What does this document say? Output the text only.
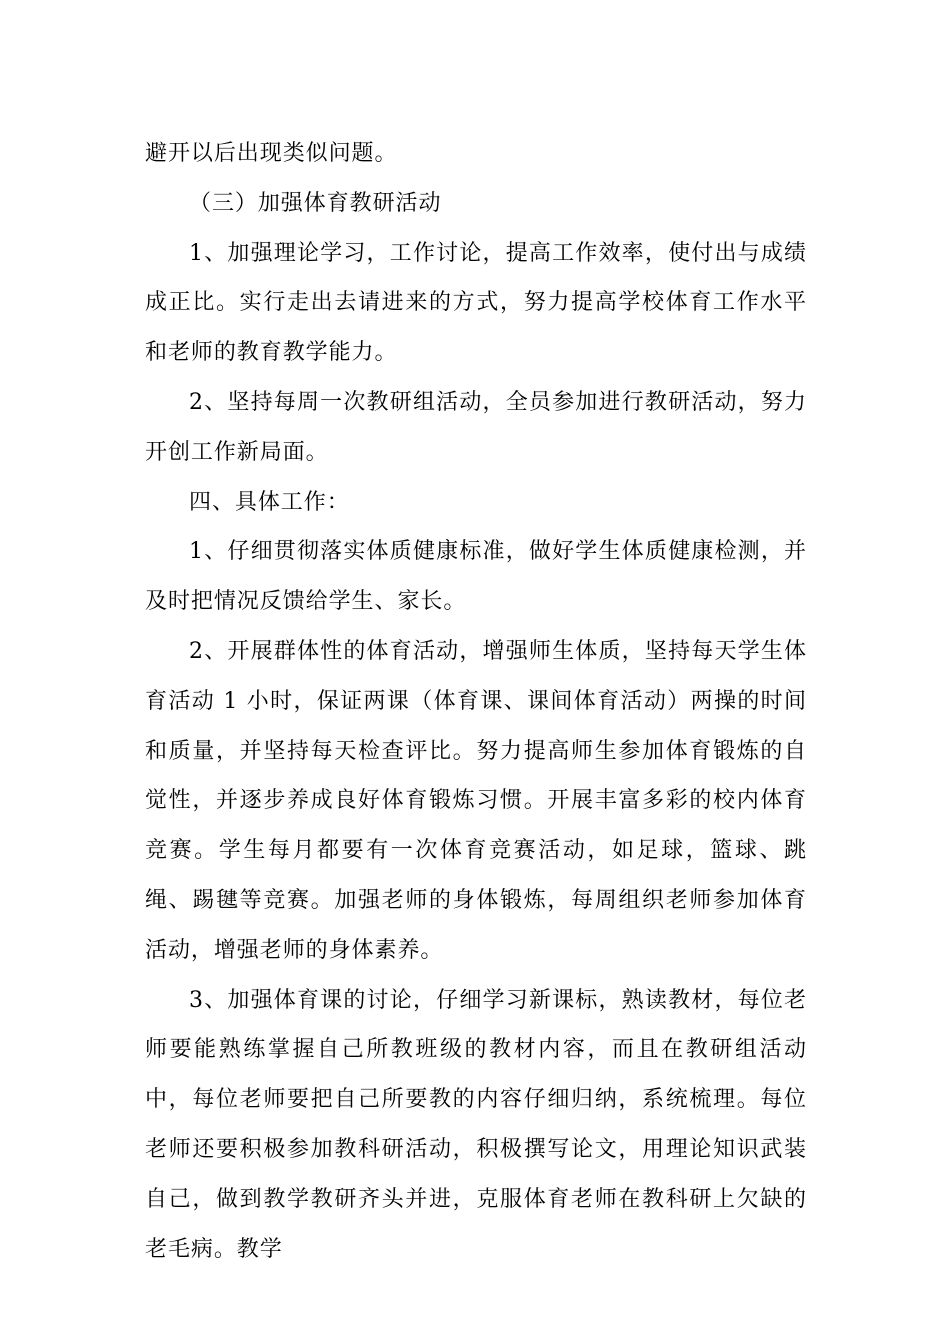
避开以后出现类似问题。

（三）加强体育教研活动

1、加强理论学习，工作讨论，提高工作效率，使付出与成绩成正比。实行走出去请进来的方式，努力提高学校体育工作水平和老师的教育教学能力。

2、坚持每周一次教研组活动，全员参加进行教研活动，努力开创工作新局面。

四、具体工作：

1、仔细贯彻落实体质健康标准，做好学生体质健康检测，并及时把情况反馈给学生、家长。

2、开展群体性的体育活动，增强师生体质，坚持每天学生体育活动 1 小时，保证两课（体育课、课间体育活动）两操的时间和质量，并坚持每天检查评比。努力提高师生参加体育锻炼的自觉性，并逐步养成良好体育锻炼习惯。开展丰富多彩的校内体育竞赛。学生每月都要有一次体育竞赛活动，如足球，篮球、跳绳、踢毽等竞赛。加强老师的身体锻炼，每周组织老师参加体育活动，增强老师的身体素养。

3、加强体育课的讨论，仔细学习新课标，熟读教材，每位老师要能熟练掌握自己所教班级的教材内容，而且在教研组活动中，每位老师要把自己所要教的内容仔细归纳，系统梳理。每位老师还要积极参加教科研活动，积极撰写论文，用理论知识武装自己，做到教学教研齐头并进，克服体育老师在教科研上欠缺的老毛病。教学
